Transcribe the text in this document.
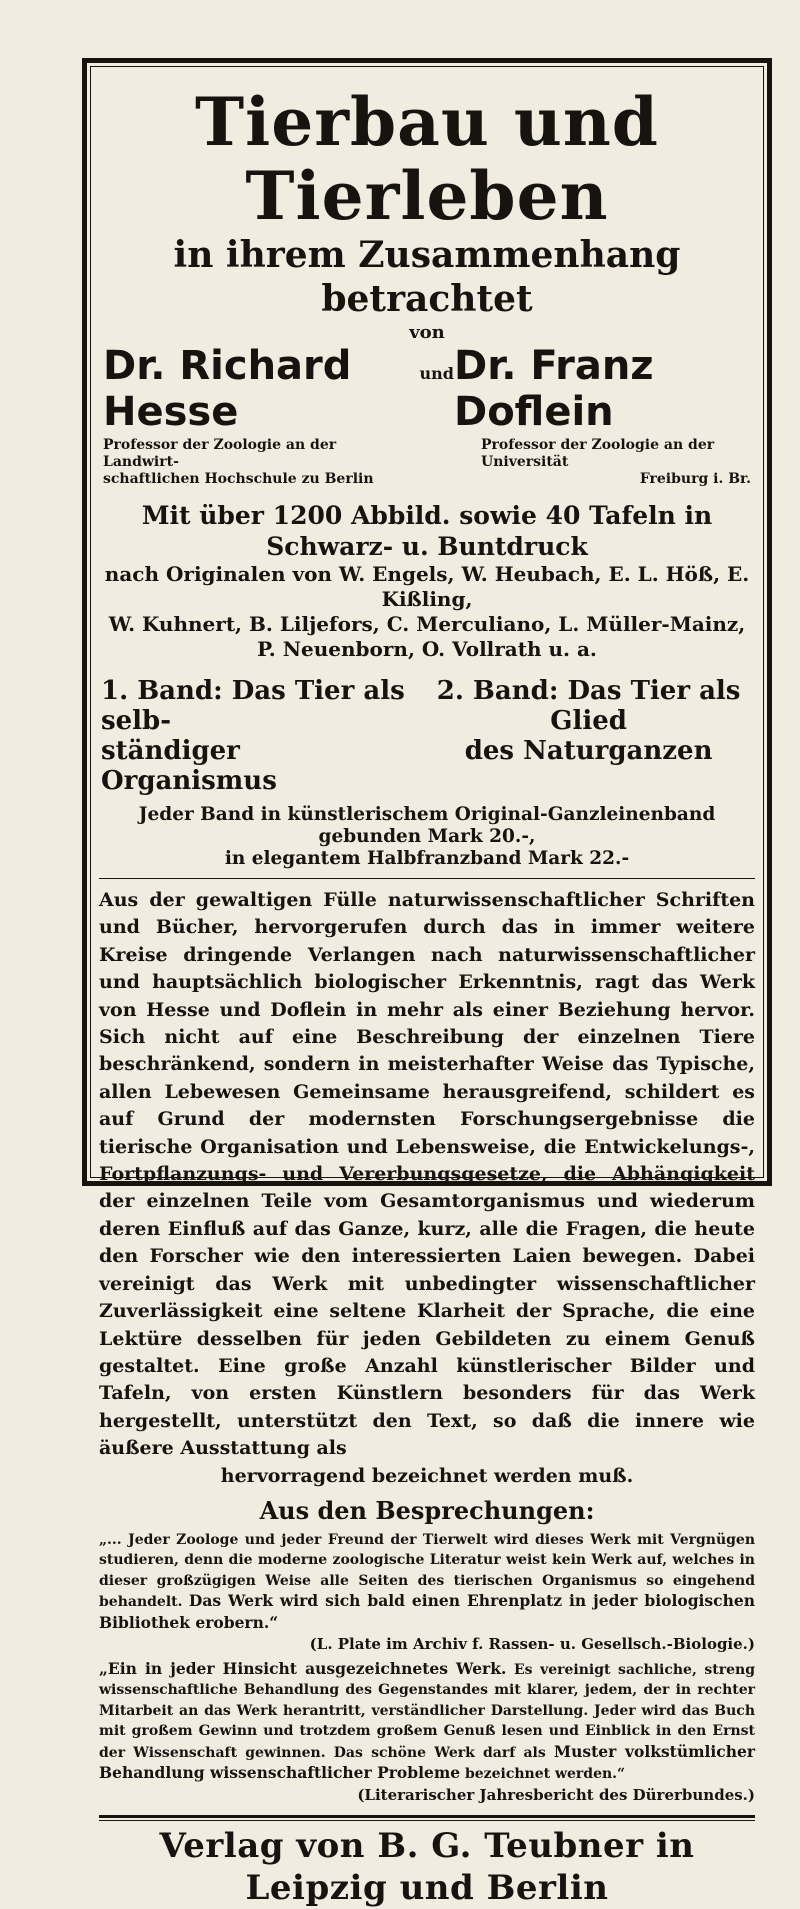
Tierbau und Tierleben
in ihrem Zusammenhang betrachtet
von
Dr. Richard Hesse
und Dr. Franz Doflein
Professor der Zoologie an der Landwirt-
schaftlichen Hochschule zu Berlin
Professor der Zoologie an der Universität
Freiburg i. Br.
Mit über 1200 Abbild. sowie 40 Tafeln in Schwarz- u. Buntdruck
nach Originalen von W. Engels, W. Heubach, E. L. Höß, E. Kißling,
W. Kuhnert, B. Liljefors, C. Merculiano, L. Müller-Mainz,
P. Neuenborn, O. Vollrath u. a.
1. Band: Das Tier als selb-
ständiger Organismus
2. Band: Das Tier als Glied
des Naturganzen
Jeder Band in künstlerischem Original-Ganzleinenband gebunden Mark 20.-,
in elegantem Halbfranzband Mark 22.-
Aus der gewaltigen Fülle naturwissenschaftlicher Schriften und Bücher, hervorgerufen durch das in immer weitere Kreise dringende Verlangen nach naturwissenschaftlicher und hauptsächlich biologischer Erkenntnis, ragt das Werk von Hesse und Doflein in mehr als einer Beziehung hervor. Sich nicht auf eine Beschreibung der einzelnen Tiere beschränkend, sondern in meisterhafter Weise das Typische, allen Lebewesen Gemeinsame herausgreifend, schildert es auf Grund der modernsten Forschungsergebnisse die tierische Organisation und Lebensweise, die Entwickelungs-, Fortpflanzungs- und Vererbungsgesetze, die Abhängigkeit der einzelnen Teile vom Gesamtorganismus und wiederum deren Einfluß auf das Ganze, kurz, alle die Fragen, die heute den Forscher wie den interessierten Laien bewegen. Dabei vereinigt das Werk mit unbedingter wissenschaftlicher Zuverlässigkeit eine seltene Klarheit der Sprache, die eine Lektüre desselben für jeden Gebildeten zu einem Genuß gestaltet. Eine große Anzahl künstlerischer Bilder und Tafeln, von ersten Künstlern besonders für das Werk hergestellt, unterstützt den Text, so daß die innere wie äußere Ausstattung als
hervorragend bezeichnet werden muß.
Aus den Besprechungen:
„... Jeder Zoologe und jeder Freund der Tierwelt wird dieses Werk mit Vergnügen studieren, denn die moderne zoologische Literatur weist kein Werk auf, welches in dieser großzügigen Weise alle Seiten des tierischen Organismus so eingehend behandelt. Das Werk wird sich bald einen Ehrenplatz in jeder biologischen Bibliothek erobern.“
(L. Plate im Archiv f. Rassen- u. Gesellsch.-Biologie.)
„Ein in jeder Hinsicht ausgezeichnetes Werk. Es vereinigt sachliche, streng wissenschaftliche Behandlung des Gegenstandes mit klarer, jedem, der in rechter Mitarbeit an das Werk herantritt, verständlicher Darstellung. Jeder wird das Buch mit großem Gewinn und trotzdem großem Genuß lesen und Einblick in den Ernst der Wissenschaft gewinnen. Das schöne Werk darf als Muster volkstümlicher Behandlung wissenschaftlicher Probleme bezeichnet werden.“
(Literarischer Jahresbericht des Dürerbundes.)
Verlag von B. G. Teubner in Leipzig und Berlin
